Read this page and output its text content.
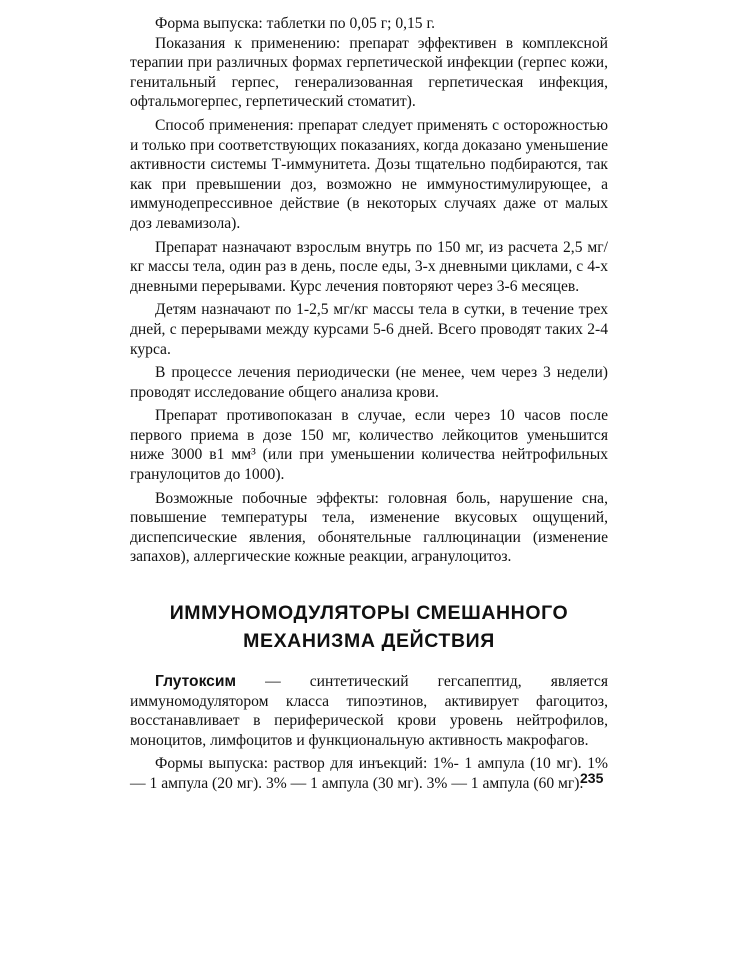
Форма выпуска: таблетки по 0,05 г; 0,15 г.

Показания к применению: препарат эффективен в комплексной терапии при различных формах герпетической инфекции (герпес кожи, генитальный герпес, генерализованная герпетическая инфекция, офтальмогерпес, герпетический стоматит).

Способ применения: препарат следует применять с осторожностью и только при соответствующих показаниях, когда доказано уменьшение активности системы Т-иммунитета. Дозы тщательно подбираются, так как при превышении доз, возможно не иммуностимулирующее, а иммунодепрессивное действие (в некоторых случаях даже от малых доз левамизола).

Препарат назначают взрослым внутрь по 150 мг, из расчета 2,5 мг/кг массы тела, один раз в день, после еды, 3-х дневными циклами, с 4-х дневными перерывами. Курс лечения повторяют через 3-6 месяцев.

Детям назначают по 1-2,5 мг/кг массы тела в сутки, в течение трех дней, с перерывами между курсами 5-6 дней. Всего проводят таких 2-4 курса.

В процессе лечения периодически (не менее, чем через 3 недели) проводят исследование общего анализа крови.

Препарат противопоказан в случае, если через 10 часов после первого приема в дозе 150 мг, количество лейкоцитов уменьшится ниже 3000 в1 мм³ (или при уменьшении количества нейтрофильных гранулоцитов до 1000).

Возможные побочные эффекты: головная боль, нарушение сна, повышение температуры тела, изменение вкусовых ощущений, диспепсические явления, обонятельные галлюцинации (изменение запахов), аллергические кожные реакции, агранулоцитоз.

ИММУНОМОДУЛЯТОРЫ СМЕШАННОГО

МЕХАНИЗМА ДЕЙСТВИЯ

Глутоксим — синтетический гегсапептид, является иммуномодулятором класса типоэтинов, активирует фагоцитоз, восстанавливает в периферической крови уровень нейтрофилов, моноцитов, лимфоцитов и функциональную активность макрофагов.

Формы выпуска: раствор для инъекций: 1%- 1 ампула (10 мг). 1% — 1 ампула (20 мг). 3% — 1 ампула (30 мг). 3% — 1 ампула (60 мг).

235
